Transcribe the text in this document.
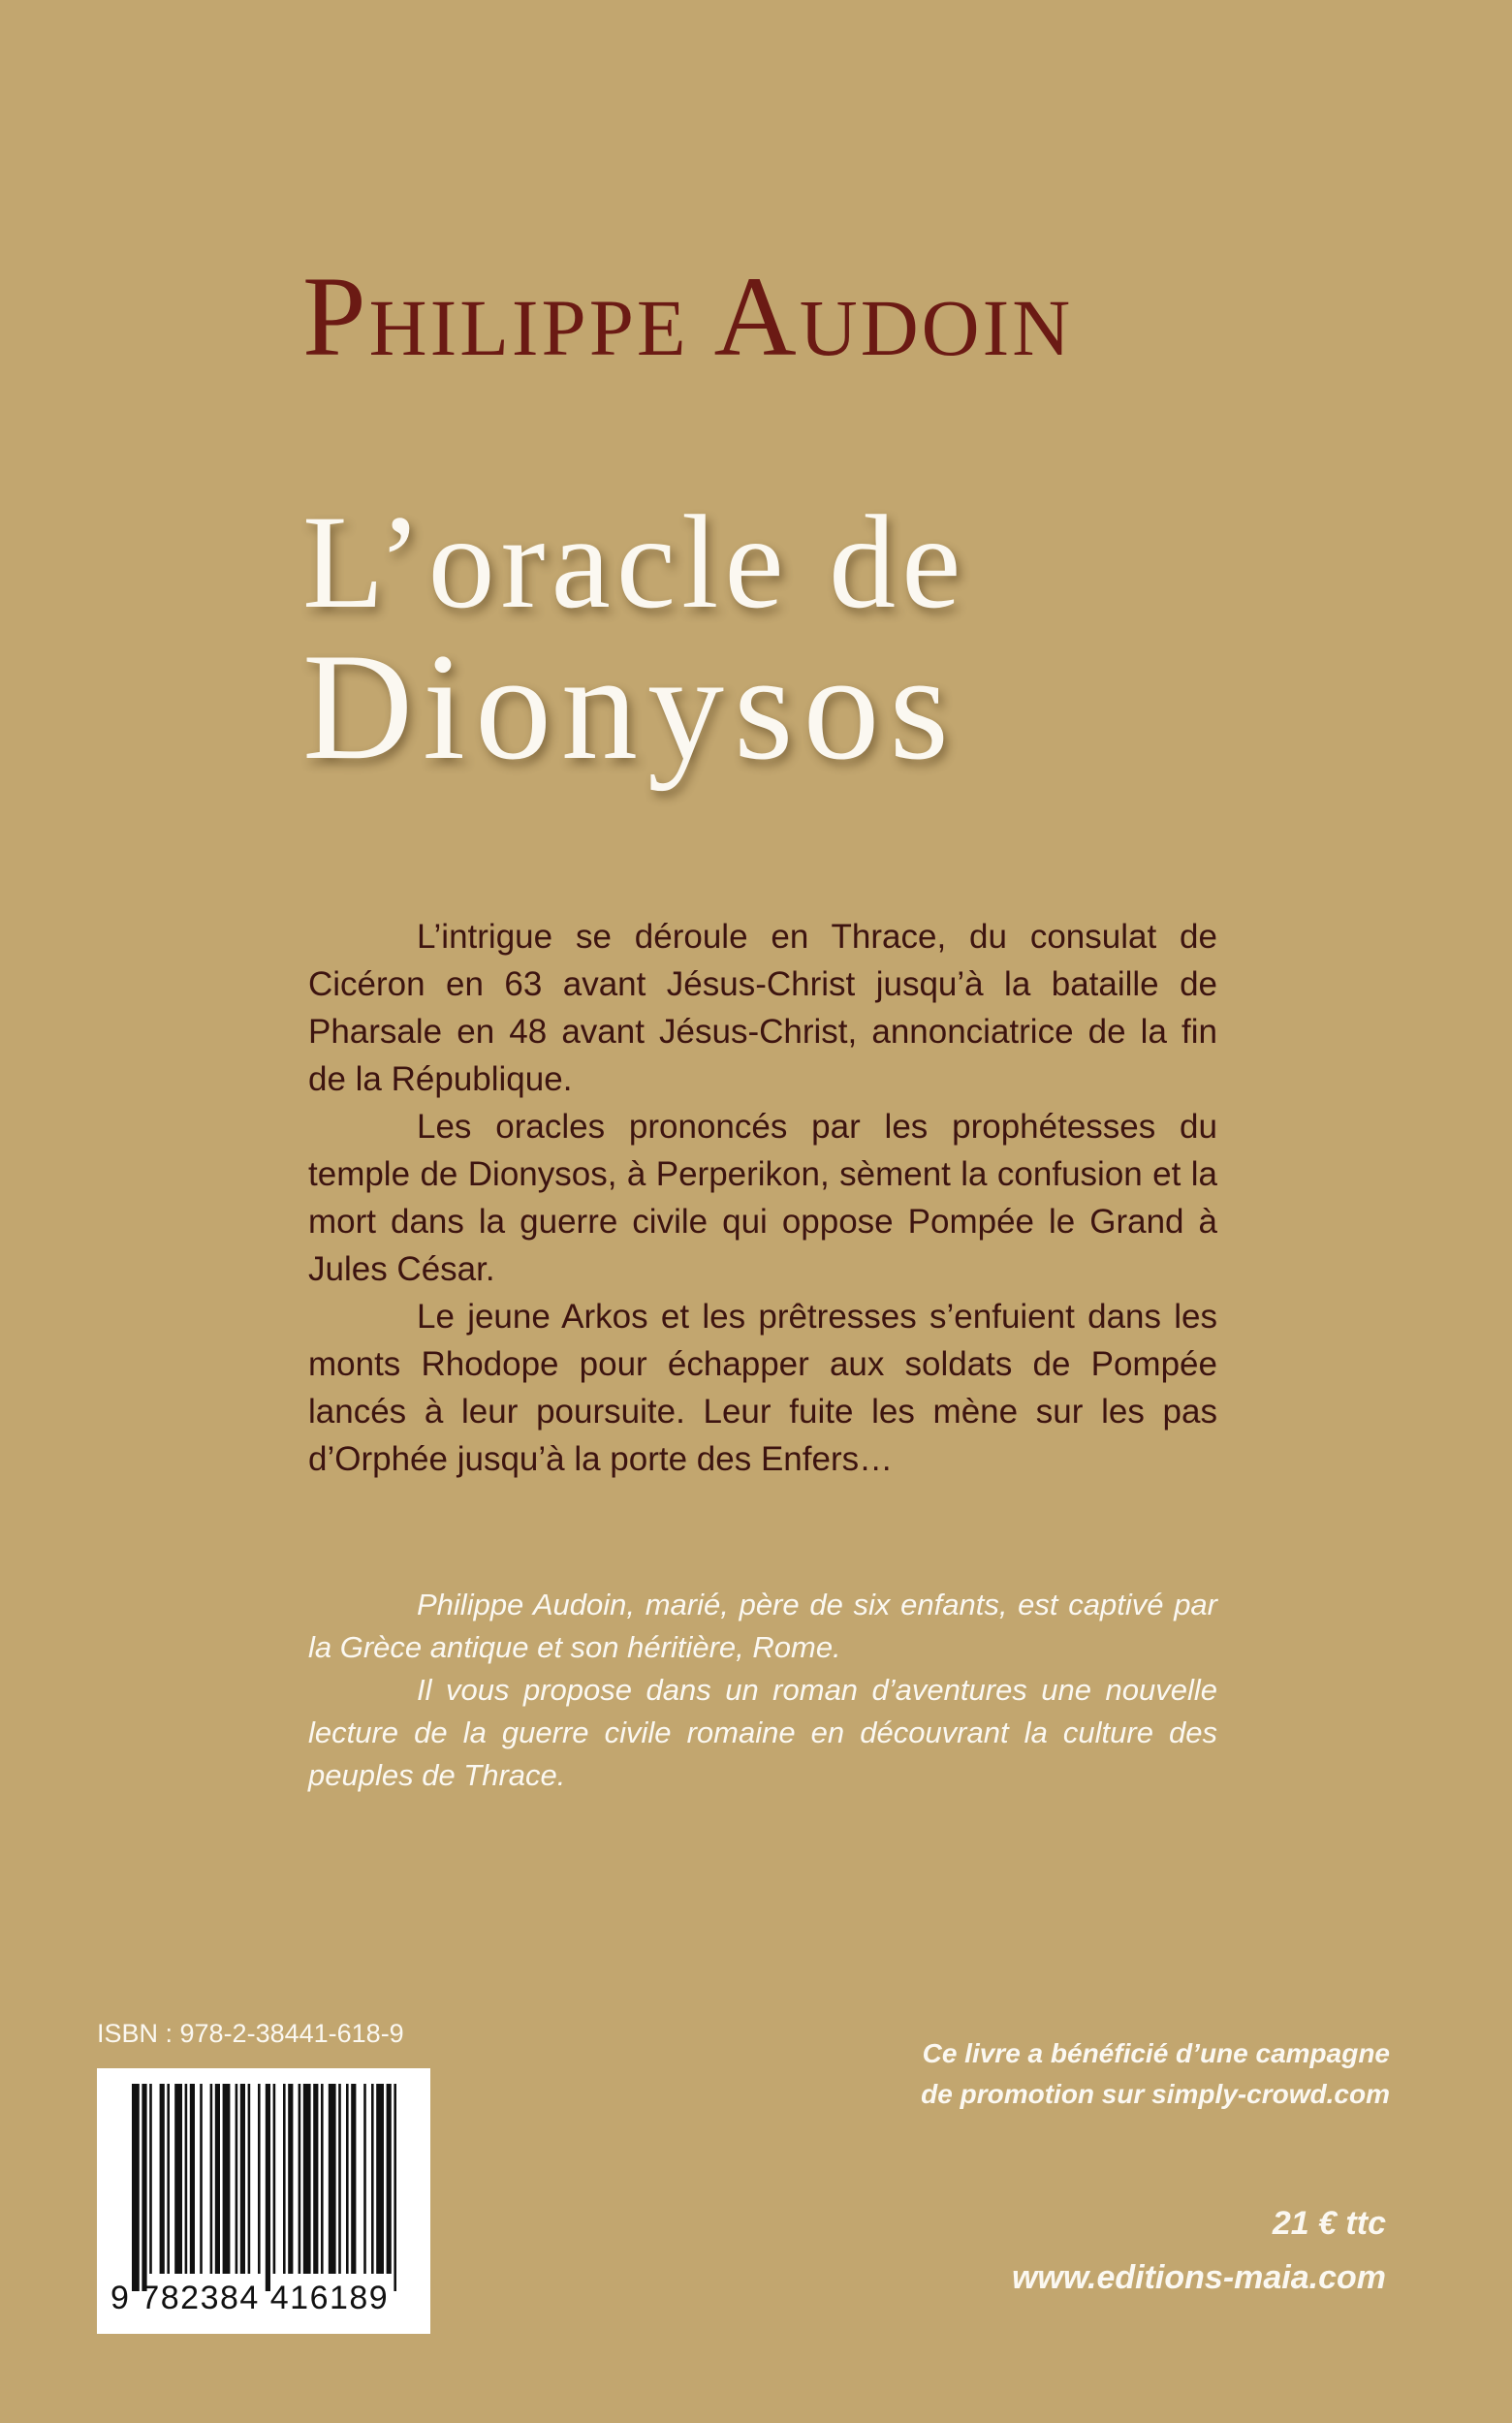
Philippe Audoin
L’oracle de
Dionysos

L’intrigue se déroule en Thrace, du consulat de Cicéron en 63 avant Jésus-Christ jusqu’à la bataille de Pharsale en 48 avant Jésus-Christ, annonciatrice de la fin de la République.

Les oracles prononcés par les prophétesses du temple de Dionysos, à Perperikon, sèment la confusion et la mort dans la guerre civile qui oppose Pompée le Grand à Jules César.

Le jeune Arkos et les prêtresses s’enfuient dans les monts Rhodope pour échapper aux soldats de Pompée lancés à leur poursuite. Leur fuite les mène sur les pas d’Orphée jusqu’à la porte des Enfers…

Philippe Audoin, marié, père de six enfants, est captivé par la Grèce antique et son héritière, Rome.

Il vous propose dans un roman d’aventures une nouvelle lecture de la guerre civile romaine en découvrant la culture des peuples de Thrace.

ISBN : 978-2-38441-618-9
9 782384 416189
Ce livre a bénéficié d’une campagne
de promotion sur simply-crowd.com
21 € ttc
www.editions-maia.com
